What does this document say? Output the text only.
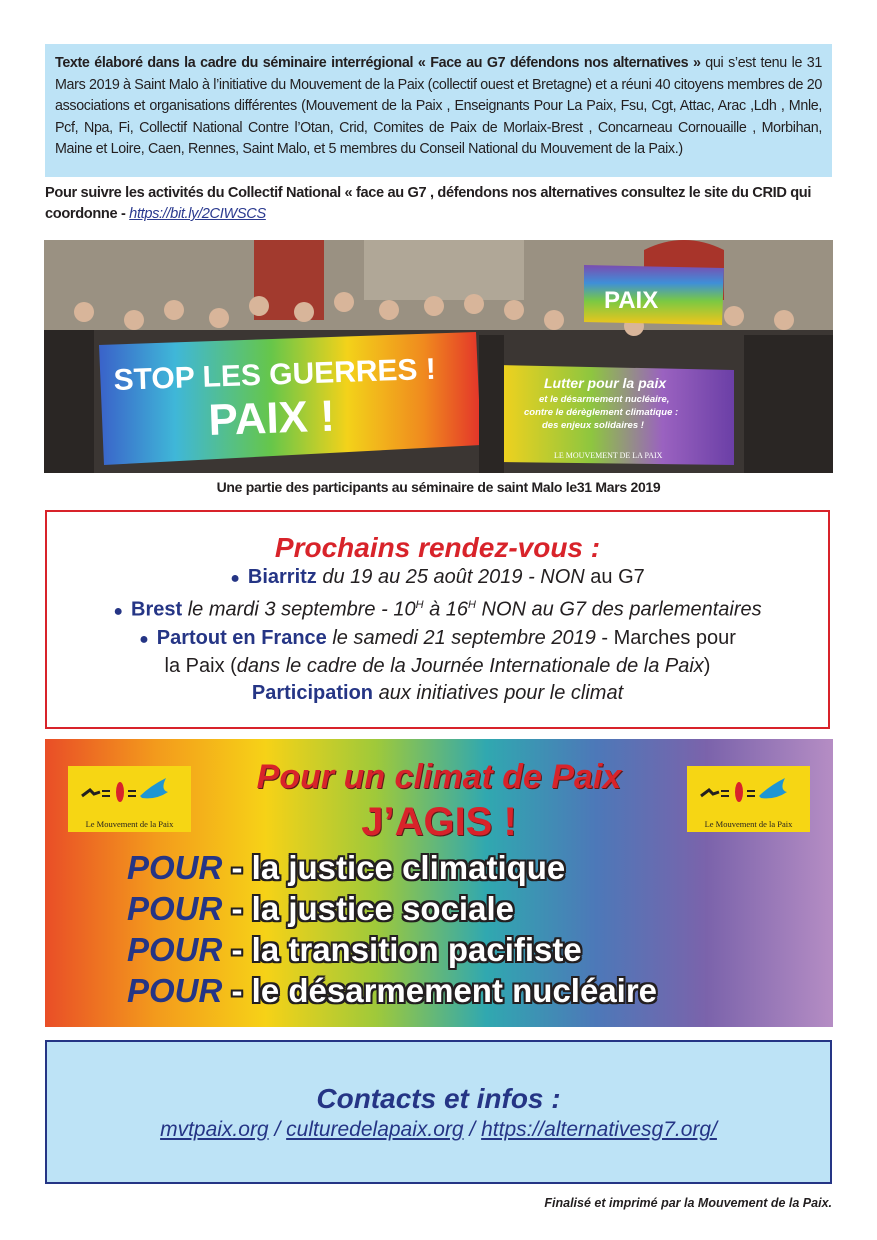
Texte élaboré dans la cadre du séminaire interrégional « Face au G7 défendons nos alternatives » qui s’est tenu le 31 Mars 2019 à Saint Malo à l’initiative du Mouvement de la Paix (collectif ouest et Bretagne) et a réuni 40 citoyens membres de 20 associations et organisations différentes (Mouvement de la Paix , Enseignants Pour La Paix, Fsu, Cgt, Attac, Arac ,Ldh , Mnle, Pcf, Npa, Fi, Collectif National Contre l’Otan, Crid, Comites de Paix de Morlaix-Brest , Concarneau Cornouaille , Morbihan, Maine et Loire, Caen, Rennes, Saint Malo, et 5 membres du Conseil National du Mouvement de la Paix.)
Pour suivre les activités du Collectif National « face au G7 , défendons nos alternatives consultez le site du CRID qui coordonne - https://bit.ly/2CIWSCS
STOP LES GUERRES !
PAIX !
Lutter pour la paix
et le désarmement nucléaire,
contre le dérèglement climatique :
des enjeux solidaires !
LE MOUVEMENT DE LA PAIX
PAIX
Une partie des participants au séminaire de saint Malo le31 Mars 2019
Prochains rendez-vous :
● Biarritz du 19 au 25 août 2019 - NON au G7
● Brest le mardi 3 septembre - $10^H$ à $16^H$ NON au G7 des parlementaires
● Partout en France le samedi 21 septembre 2019 - Marches pour
la Paix (dans le cadre de la Journée Internationale de la Paix)
Participation aux initiatives pour le climat
Le Mouvement de la Paix	Le Mouvement de la Paix
Pour un climat de Paix
J’AGIS !
POUR - la justice climatique
POUR - la justice sociale
POUR - la transition pacifiste
POUR - le désarmement nucléaire
Contacts et infos :
mvtpaix.org / culturedelapaix.org / https://alternativesg7.org/
Finalisé et imprimé par la Mouvement de la Paix.
